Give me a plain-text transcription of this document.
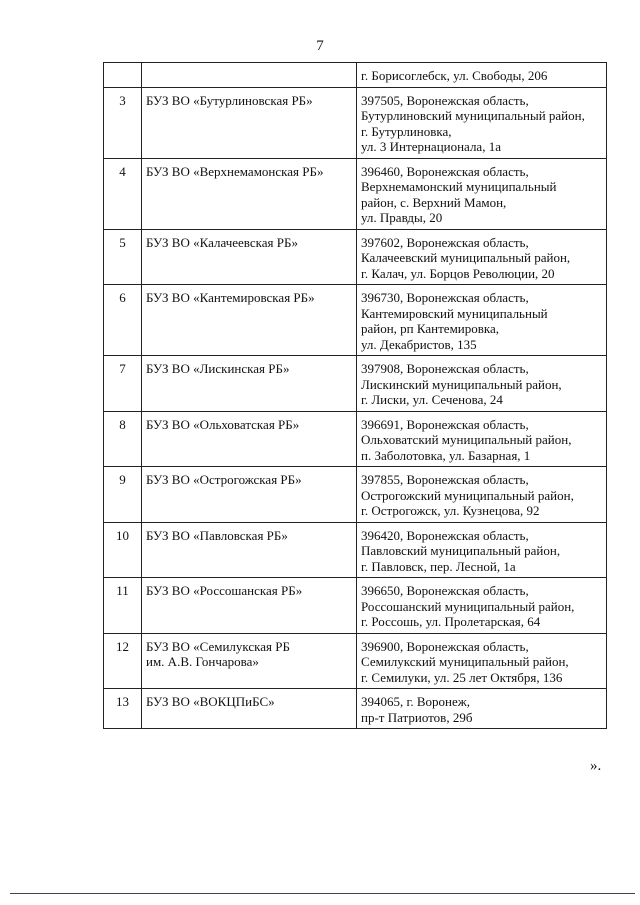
7

		г. Борисоглебск, ул. Свободы, 206

3	БУЗ ВО «Бутурлиновская РБ»	397505, Воронежская область,
Бутурлиновский муниципальный район,
г. Бутурлиновка,
ул. 3 Интернационала, 1а

4	БУЗ ВО «Верхнемамонская РБ»	396460, Воронежская область,
Верхнемамонский муниципальный
район, с. Верхний Мамон,
ул. Правды, 20

5	БУЗ ВО «Калачеевская РБ»	397602, Воронежская область,
Калачеевский муниципальный район,
г. Калач, ул. Борцов Революции, 20

6	БУЗ ВО «Кантемировская РБ»	396730, Воронежская область,
Кантемировский муниципальный
район, рп Кантемировка,
ул. Декабристов, 135

7	БУЗ ВО «Лискинская РБ»	397908, Воронежская область,
Лискинский муниципальный район,
г. Лиски, ул. Сеченова, 24

8	БУЗ ВО «Ольховатская РБ»	396691, Воронежская область,
Ольховатский муниципальный район,
п. Заболотовка, ул. Базарная, 1

9	БУЗ ВО «Острогожская РБ»	397855, Воронежская область,
Острогожский муниципальный район,
г. Острогожск, ул. Кузнецова, 92

10	БУЗ ВО «Павловская РБ»	396420, Воронежская область,
Павловский муниципальный район,
г. Павловск, пер. Лесной, 1а

11	БУЗ ВО «Россошанская РБ»	396650, Воронежская область,
Россошанский муниципальный район,
г. Россошь, ул. Пролетарская, 64

12	БУЗ ВО «Семилукская РБ
им. А.В. Гончарова»	396900, Воронежская область,
Семилукский муниципальный район,
г. Семилуки, ул. 25 лет Октября, 136

13	БУЗ ВО «ВОКЦПиБС»	394065, г. Воронеж,
пр-т Патриотов, 29б
».
